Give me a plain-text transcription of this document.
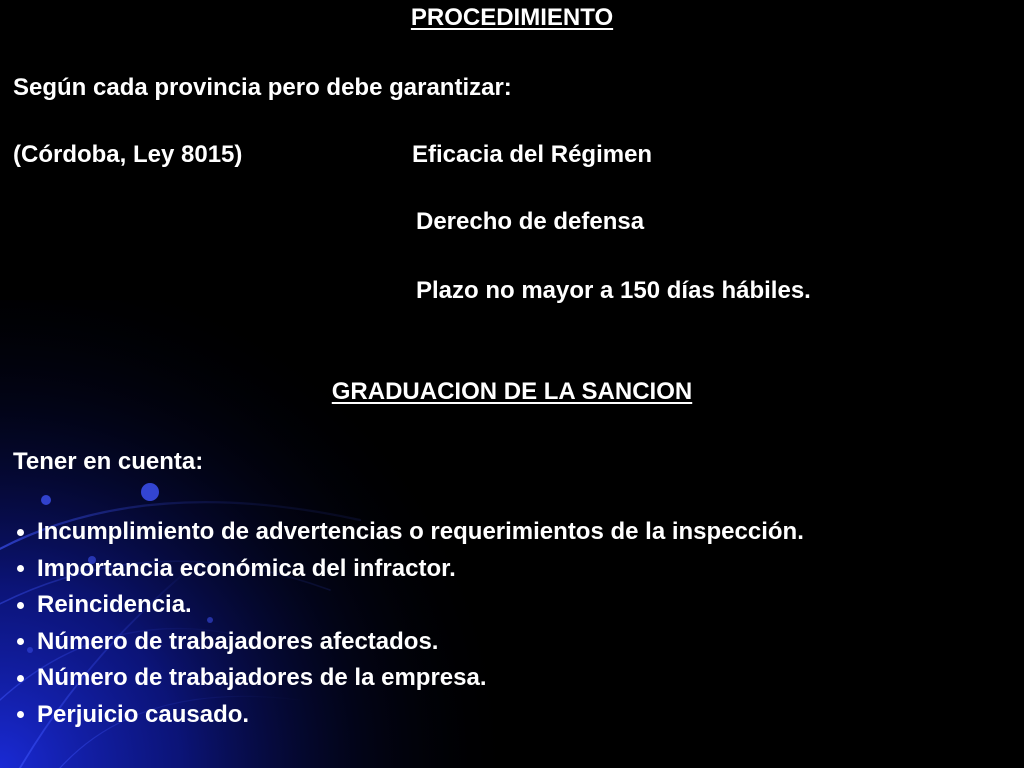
PROCEDIMIENTO
Según cada provincia pero debe garantizar:
(Córdoba, Ley 8015)	Eficacia del Régimen
Derecho de defensa
Plazo no mayor a 150 días hábiles.
GRADUACION DE LA SANCION
Tener en cuenta:
Incumplimiento de advertencias o requerimientos de la inspección.
Importancia económica del infractor.
Reincidencia.
Número de trabajadores afectados.
Número de trabajadores de la empresa.
Perjuicio causado.
